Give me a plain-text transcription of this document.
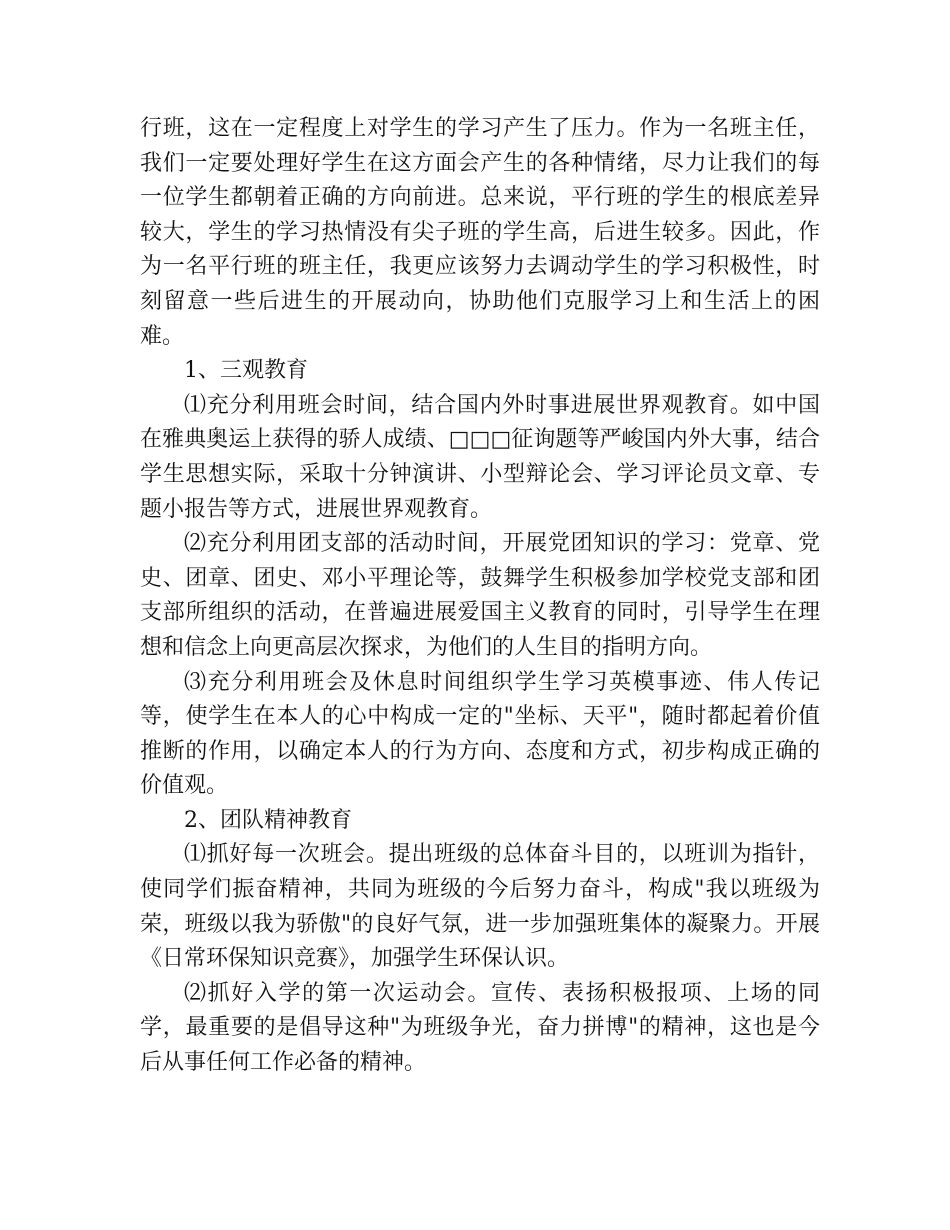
行班，这在一定程度上对学生的学习产生了压力。作为一名班主任，我们一定要处理好学生在这方面会产生的各种情绪，尽力让我们的每一位学生都朝着正确的方向前进。总来说，平行班的学生的根底差异较大，学生的学习热情没有尖子班的学生高，后进生较多。因此，作为一名平行班的班主任，我更应该努力去调动学生的学习积极性，时刻留意一些后进生的开展动向，协助他们克服学习上和生活上的困难。

1、三观教育

⑴充分利用班会时间，结合国内外时事进展世界观教育。如中国在雅典奥运上获得的骄人成绩、□□□征询题等严峻国内外大事，结合学生思想实际，采取十分钟演讲、小型辩论会、学习评论员文章、专题小报告等方式，进展世界观教育。

⑵充分利用团支部的活动时间，开展党团知识的学习：党章、党史、团章、团史、邓小平理论等，鼓舞学生积极参加学校党支部和团支部所组织的活动，在普遍进展爱国主义教育的同时，引导学生在理想和信念上向更高层次探求，为他们的人生目的指明方向。

⑶充分利用班会及休息时间组织学生学习英模事迹、伟人传记等，使学生在本人的心中构成一定的"坐标、天平"，随时都起着价值推断的作用，以确定本人的行为方向、态度和方式，初步构成正确的价值观。

2、团队精神教育

⑴抓好每一次班会。提出班级的总体奋斗目的，以班训为指针，使同学们振奋精神，共同为班级的今后努力奋斗，构成"我以班级为荣，班级以我为骄傲"的良好气氛，进一步加强班集体的凝聚力。开展《日常环保知识竞赛》，加强学生环保认识。

⑵抓好入学的第一次运动会。宣传、表扬积极报项、上场的同学，最重要的是倡导这种"为班级争光，奋力拼博"的精神，这也是今后从事任何工作必备的精神。
